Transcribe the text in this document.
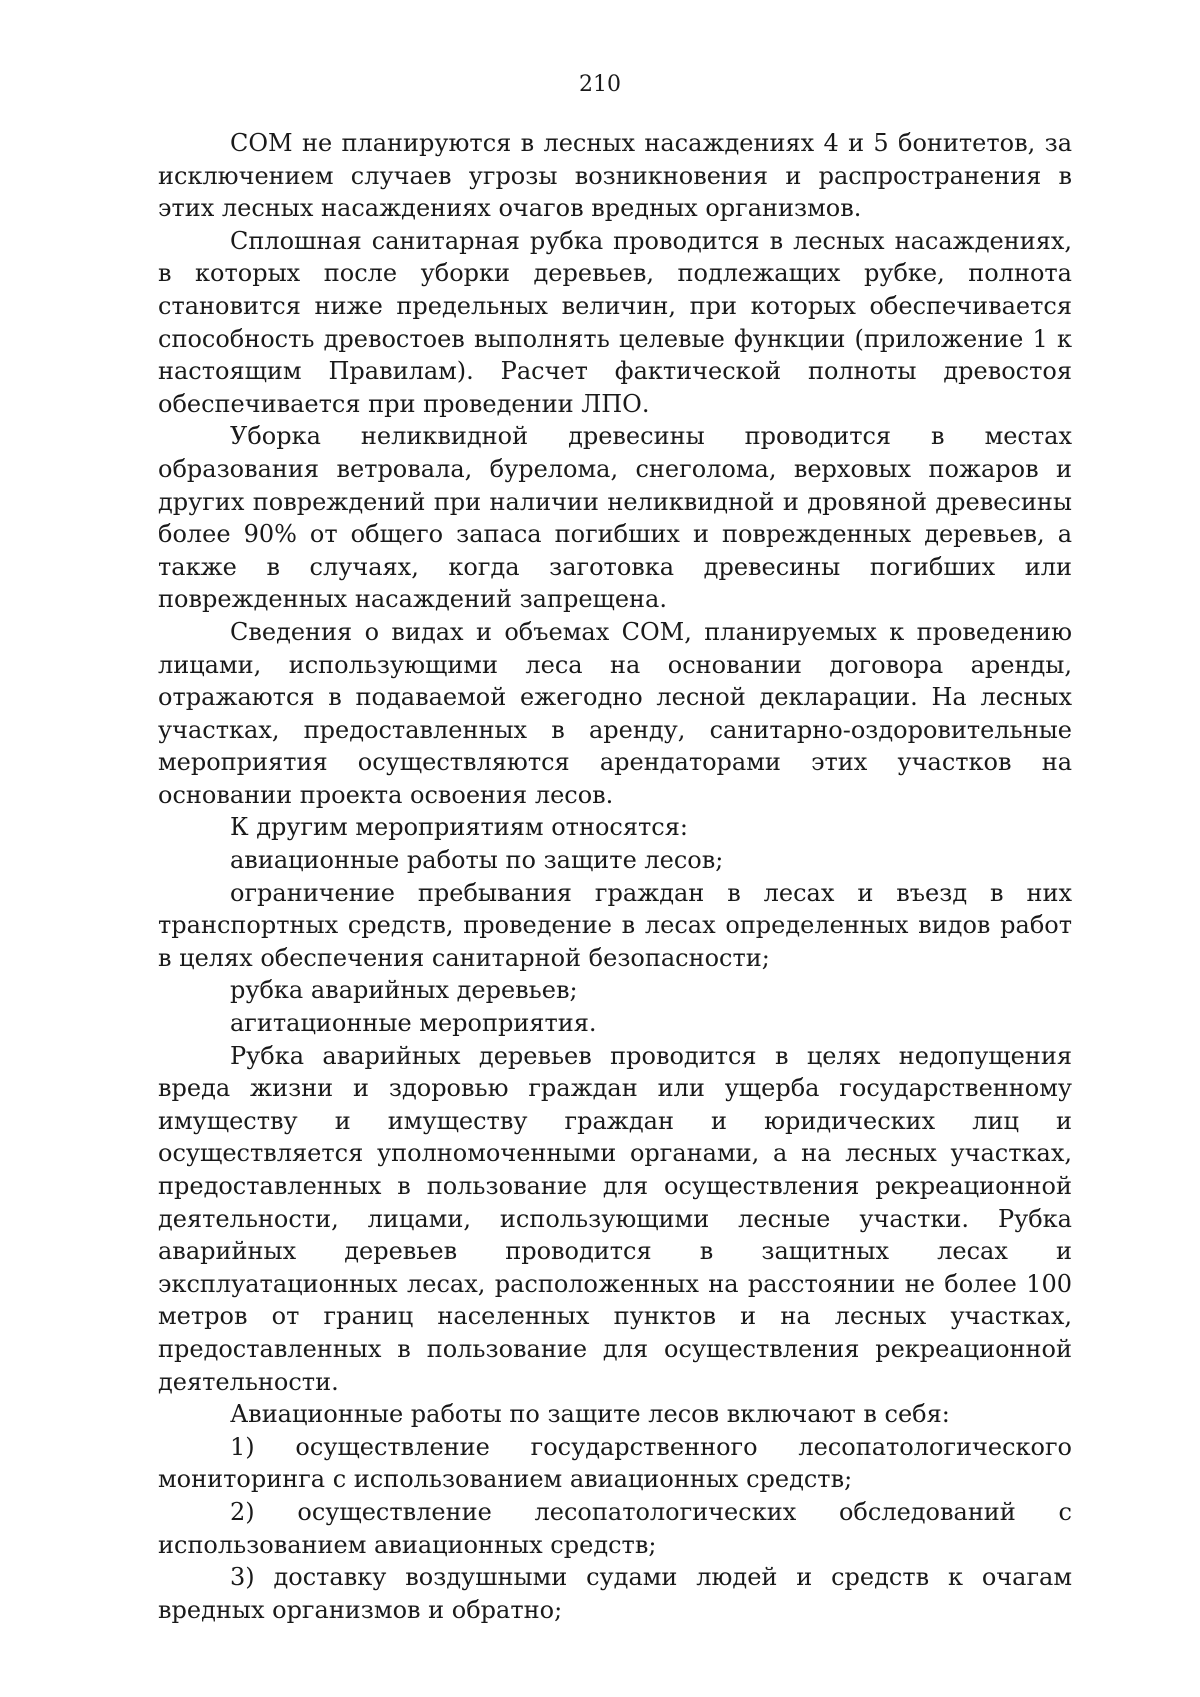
210

СОМ не планируются в лесных насаждениях 4 и 5 бонитетов, за исключением случаев угрозы возникновения и распространения в этих лесных насаждениях очагов вредных организмов.

Сплошная санитарная рубка проводится в лесных насаждениях, в которых после уборки деревьев, подлежащих рубке, полнота становится ниже предельных величин, при которых обеспечивается способность древостоев выполнять целевые функции (приложение 1 к настоящим Правилам). Расчет фактической полноты древостоя обеспечивается при проведении ЛПО.

Уборка неликвидной древесины проводится в местах образования ветровала, бурелома, снеголома, верховых пожаров и других повреждений при наличии неликвидной и дровяной древесины более 90% от общего запаса погибших и поврежденных деревьев, а также в случаях, когда заготовка древесины погибших или поврежденных насаждений запрещена.

Сведения о видах и объемах СОМ, планируемых к проведению лицами, использующими леса на основании договора аренды, отражаются в подаваемой ежегодно лесной декларации. На лесных участках, предоставленных в аренду, санитарно-оздоровительные мероприятия осуществляются арендаторами этих участков на основании проекта освоения лесов.

К другим мероприятиям относятся:

авиационные работы по защите лесов;

ограничение пребывания граждан в лесах и въезд в них транспортных средств, проведение в лесах определенных видов работ в целях обеспечения санитарной безопасности;

рубка аварийных деревьев;

агитационные мероприятия.

Рубка аварийных деревьев проводится в целях недопущения вреда жизни и здоровью граждан или ущерба государственному имуществу и имуществу граждан и юридических лиц и осуществляется уполномоченными органами, а на лесных участках, предоставленных в пользование для осуществления рекреационной деятельности, лицами, использующими лесные участки. Рубка аварийных деревьев проводится в защитных лесах и эксплуатационных лесах, расположенных на расстоянии не более 100 метров от границ населенных пунктов и на лесных участках, предоставленных в пользование для осуществления рекреационной деятельности.

Авиационные работы по защите лесов включают в себя:

1) осуществление государственного лесопатологического мониторинга с использованием авиационных средств;

2) осуществление лесопатологических обследований с использованием авиационных средств;

3) доставку воздушными судами людей и средств к очагам вредных организмов и обратно;
